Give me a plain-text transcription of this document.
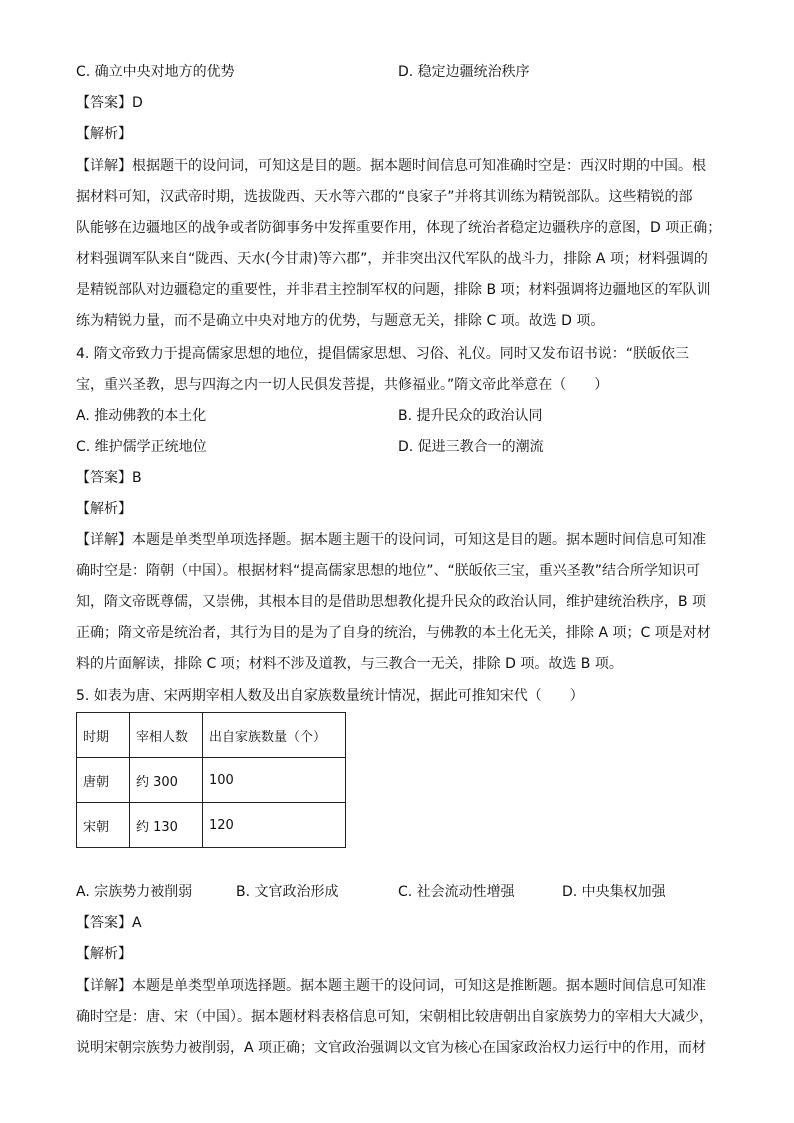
C. 确立中央对地方的优势	D. 稳定边疆统治秩序
【答案】D
【解析】
【详解】根据题干的设问词，可知这是目的题。据本题时间信息可知准确时空是：西汉时期的中国。根
据材料可知，汉武帝时期，选拔陇西、天水等六郡的“良家子”并将其训练为精锐部队。这些精锐的部
队能够在边疆地区的战争或者防御事务中发挥重要作用，体现了统治者稳定边疆秩序的意图，D 项正确；
材料强调军队来自“陇西、天水(今甘肃)等六郡”，并非突出汉代军队的战斗力，排除 A 项；材料强调的
是精锐部队对边疆稳定的重要性，并非君主控制军权的问题，排除 B 项；材料强调将边疆地区的军队训
练为精锐力量，而不是确立中央对地方的优势，与题意无关，排除 C 项。故选 D 项。
4. 隋文帝致力于提高儒家思想的地位，提倡儒家思想、习俗、礼仪。同时又发布诏书说：“朕皈依三
宝，重兴圣教，思与四海之内一切人民俱发菩提，共修福业。”隋文帝此举意在（　　）
A. 推动佛教的本土化	B. 提升民众的政治认同
C. 维护儒学正统地位	D. 促进三教合一的潮流
【答案】B
【解析】
【详解】本题是单类型单项选择题。据本题主题干的设问词，可知这是目的题。据本题时间信息可知准
确时空是：隋朝（中国）。根据材料“提高儒家思想的地位”、“朕皈依三宝，重兴圣教”结合所学知识可
知，隋文帝既尊儒，又崇佛，其根本目的是借助思想教化提升民众的政治认同，维护建统治秩序，B 项
正确；隋文帝是统治者，其行为目的是为了自身的统治，与佛教的本土化无关，排除 A 项；C 项是对材
料的片面解读，排除 C 项；材料不涉及道教，与三教合一无关，排除 D 项。故选 B 项。
5. 如表为唐、宋两期宰相人数及出自家族数量统计情况，据此可推知宋代（　　）
时期	宰相人数	出自家族数量（个）
唐朝	约 300	100
宋朝	约 130	120
A. 宗族势力被削弱	B. 文官政治形成	C. 社会流动性增强	D. 中央集权加强
【答案】A
【解析】
【详解】本题是单类型单项选择题。据本题主题干的设问词，可知这是推断题。据本题时间信息可知准
确时空是：唐、宋（中国）。据本题材料表格信息可知，宋朝相比较唐朝出自家族势力的宰相大大减少，
说明宋朝宗族势力被削弱，A 项正确；文官政治强调以文官为核心在国家政治权力运行中的作用，而材
